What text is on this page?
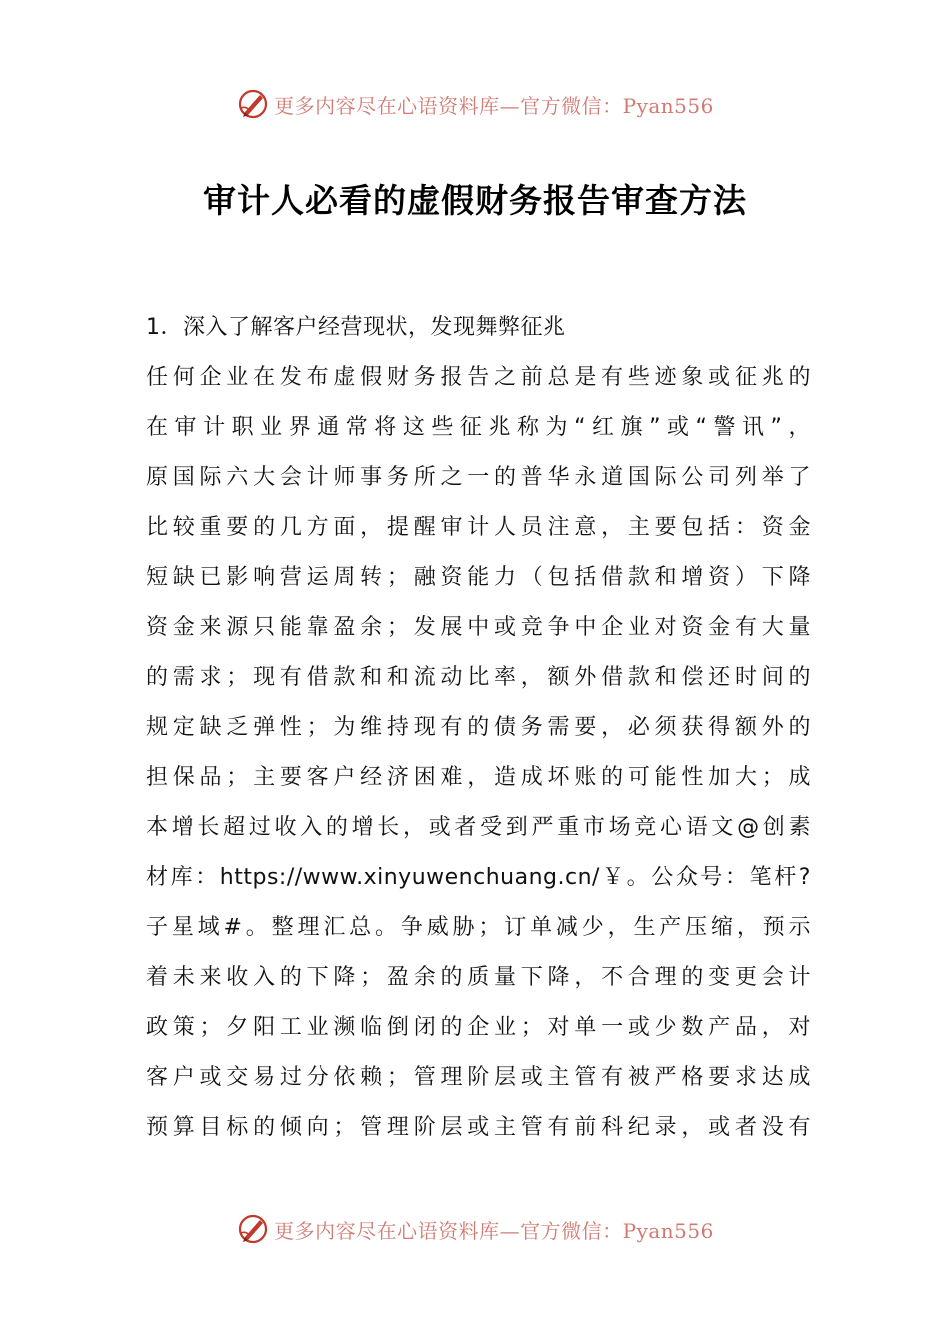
更多内容尽在心语资料库—官方微信：Pyan556
审计人必看的虚假财务报告审查方法
1．深入了解客户经营现状，发现舞弊征兆
任何企业在发布虚假财务报告之前总是有些迹象或征兆的
在审计职业界通常将这些征兆称为“红旗”或“警讯”，
原国际六大会计师事务所之一的普华永道国际公司列举了
比较重要的几方面，提醒审计人员注意，主要包括：资金
短缺已影响营运周转；融资能力（包括借款和增资）下降
资金来源只能靠盈余；发展中或竞争中企业对资金有大量
的需求；现有借款和和流动比率，额外借款和偿还时间的
规定缺乏弹性；为维持现有的债务需要，必须获得额外的
担保品；主要客户经济困难，造成坏账的可能性加大；成
本增长超过收入的增长，或者受到严重市场竞心语文@创素
材库：https://www.xinyuwenchuang.cn/￥。公众号：笔杆?
子星域#。整理汇总。争威胁；订单减少，生产压缩，预示
着未来收入的下降；盈余的质量下降，不合理的变更会计
政策；夕阳工业濒临倒闭的企业；对单一或少数产品，对
客户或交易过分依赖；管理阶层或主管有被严格要求达成
预算目标的倾向；管理阶层或主管有前科纪录，或者没有
更多内容尽在心语资料库—官方微信：Pyan556
